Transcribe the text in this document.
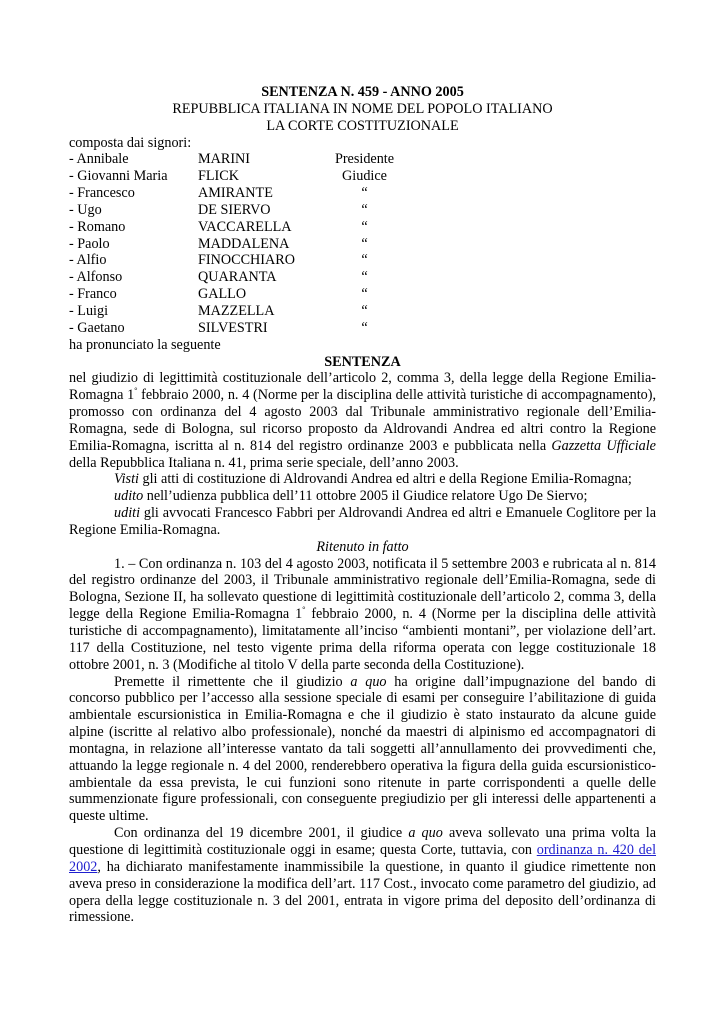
SENTENZA N. 459 - ANNO 2005
REPUBBLICA ITALIANA IN NOME DEL POPOLO ITALIANO
LA CORTE COSTITUZIONALE
composta dai signori:
- Annibale	MARINI	Presidente
- Giovanni Maria FLICK	Giudice
- Francesco	AMIRANTE	“
- Ugo	DE SIERVO	“
- Romano	VACCARELLA	“
- Paolo	MADDALENA	“
- Alfio	FINOCCHIARO	“
- Alfonso	QUARANTA	“
- Franco	GALLO	“
- Luigi	MAZZELLA	“
- Gaetano	SILVESTRI	“
ha pronunciato la seguente
SENTENZA
nel giudizio di legittimità costituzionale dell’articolo 2, comma 3, della legge della Regione Emilia-Romagna 1° febbraio 2000, n. 4 (Norme per la disciplina delle attività turistiche di accompagnamento), promosso con ordinanza del 4 agosto 2003 dal Tribunale amministrativo regionale dell’Emilia-Romagna, sede di Bologna, sul ricorso proposto da Aldrovandi Andrea ed altri contro la Regione Emilia-Romagna, iscritta al n. 814 del registro ordinanze 2003 e pubblicata nella Gazzetta Ufficiale della Repubblica Italiana n. 41, prima serie speciale, dell’anno 2003.
Visti gli atti di costituzione di Aldrovandi Andrea ed altri e della Regione Emilia-Romagna;
udito nell’udienza pubblica dell’11 ottobre 2005 il Giudice relatore Ugo De Siervo;
uditi gli avvocati Francesco Fabbri per Aldrovandi Andrea ed altri e Emanuele Coglitore per la Regione Emilia-Romagna.
Ritenuto in fatto
1. – Con ordinanza n. 103 del 4 agosto 2003, notificata il 5 settembre 2003 e rubricata al n. 814 del registro ordinanze del 2003, il Tribunale amministrativo regionale dell’Emilia-Romagna, sede di Bologna, Sezione II, ha sollevato questione di legittimità costituzionale dell’articolo 2, comma 3, della legge della Regione Emilia-Romagna 1° febbraio 2000, n. 4 (Norme per la disciplina delle attività turistiche di accompagnamento), limitatamente all’inciso “ambienti montani”, per violazione dell’art. 117 della Costituzione, nel testo vigente prima della riforma operata con legge costituzionale 18 ottobre 2001, n. 3 (Modifiche al titolo V della parte seconda della Costituzione).
Premette il rimettente che il giudizio a quo ha origine dall’impugnazione del bando di concorso pubblico per l’accesso alla sessione speciale di esami per conseguire l’abilitazione di guida ambientale escursionistica in Emilia-Romagna e che il giudizio è stato instaurato da alcune guide alpine (iscritte al relativo albo professionale), nonché da maestri di alpinismo ed accompagnatori di montagna, in relazione all’interesse vantato da tali soggetti all’annullamento dei provvedimenti che, attuando la legge regionale n. 4 del 2000, renderebbero operativa la figura della guida escursionistico-ambientale da essa prevista, le cui funzioni sono ritenute in parte corrispondenti a quelle delle summenzionate figure professionali, con conseguente pregiudizio per gli interessi delle appartenenti a queste ultime.
Con ordinanza del 19 dicembre 2001, il giudice a quo aveva sollevato una prima volta la questione di legittimità costituzionale oggi in esame; questa Corte, tuttavia, con ordinanza n. 420 del 2002, ha dichiarato manifestamente inammissibile la questione, in quanto il giudice rimettente non aveva preso in considerazione la modifica dell’art. 117 Cost., invocato come parametro del giudizio, ad opera della legge costituzionale n. 3 del 2001, entrata in vigore prima del deposito dell’ordinanza di rimessione.
